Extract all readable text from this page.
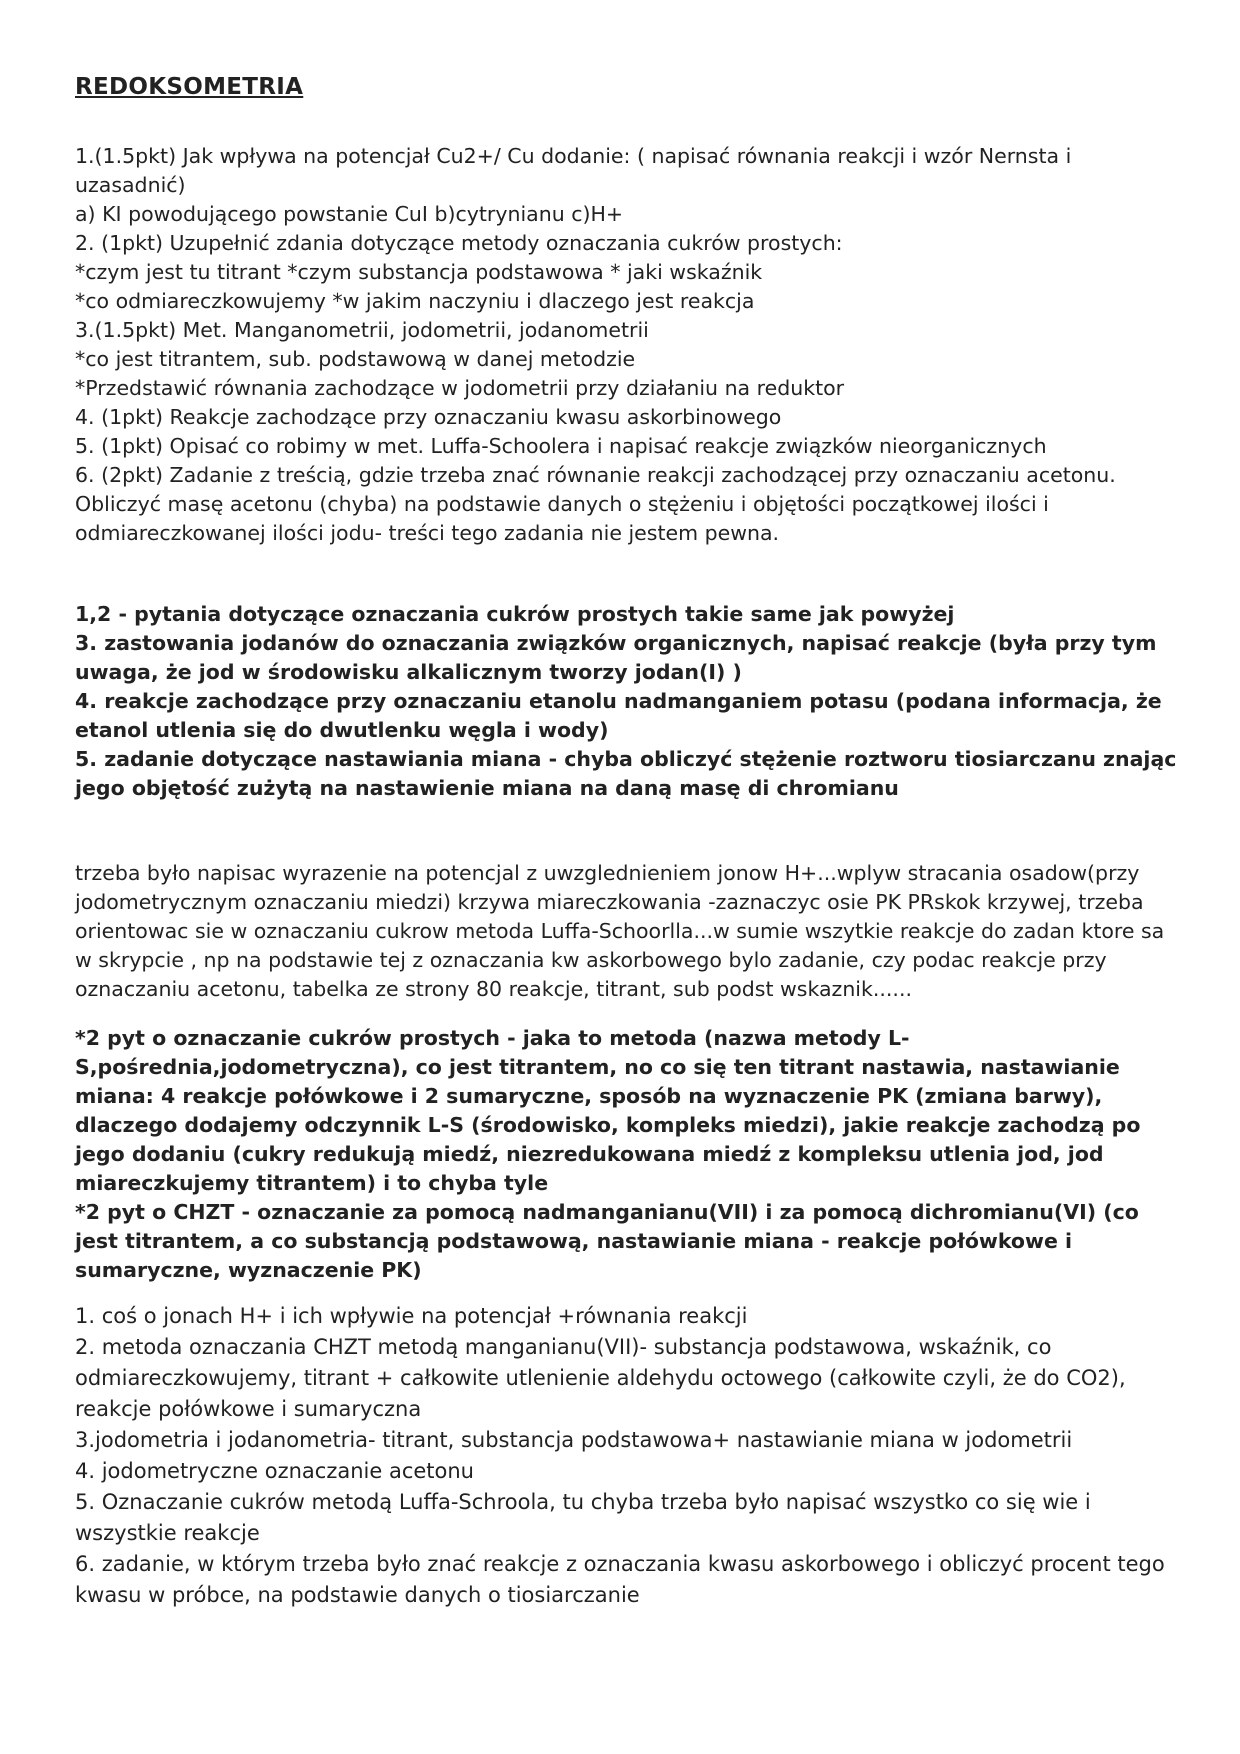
REDOKSOMETRIA

1.(1.5pkt) Jak wpływa na potencjał Cu2+/ Cu dodanie: ( napisać równania reakcji i wzór Nernsta i uzasadnić)

a) KI powodującego powstanie CuI b)cytrynianu c)H+

2. (1pkt) Uzupełnić zdania dotyczące metody oznaczania cukrów prostych:

*czym jest tu titrant *czym substancja podstawowa * jaki wskaźnik

*co odmiareczkowujemy *w jakim naczyniu i dlaczego jest reakcja

3.(1.5pkt) Met. Manganometrii, jodometrii, jodanometrii

*co jest titrantem, sub. podstawową w danej metodzie

*Przedstawić równania zachodzące w jodometrii przy działaniu na reduktor

4. (1pkt) Reakcje zachodzące przy oznaczaniu kwasu askorbinowego

5. (1pkt) Opisać co robimy w met. Luffa-Schoolera i napisać reakcje związków nieorganicznych

6. (2pkt) Zadanie z treścią, gdzie trzeba znać równanie reakcji zachodzącej przy oznaczaniu acetonu. Obliczyć masę acetonu (chyba) na podstawie danych o stężeniu i objętości początkowej ilości i odmiareczkowanej ilości jodu- treści tego zadania nie jestem pewna.

1,2 - pytania dotyczące oznaczania cukrów prostych takie same jak powyżej

3. zastowania jodanów do oznaczania związków organicznych, napisać reakcje (była przy tym uwaga, że jod w środowisku alkalicznym tworzy jodan(I) )

4. reakcje zachodzące przy oznaczaniu etanolu nadmanganiem potasu (podana informacja, że etanol utlenia się do dwutlenku węgla i wody)

5. zadanie dotyczące nastawiania miana - chyba obliczyć stężenie roztworu tiosiarczanu znając jego objętość zużytą na nastawienie miana na daną masę di chromianu

trzeba było napisac wyrazenie na potencjal z uwzglednieniem jonow H+...wplyw stracania osadow(przy jodometrycznym oznaczaniu miedzi) krzywa miareczkowania -zaznaczyc osie PK PRskok krzywej, trzeba orientowac sie w oznaczaniu cukrow metoda Luffa-Schoorlla...w sumie wszytkie reakcje do zadan ktore sa w skrypcie , np na podstawie tej z oznaczania kw askorbowego bylo zadanie, czy podac reakcje przy oznaczaniu acetonu, tabelka ze strony 80 reakcje, titrant, sub podst wskaznik......

*2 pyt o oznaczanie cukrów prostych - jaka to metoda (nazwa metody L-S,pośrednia,jodometryczna), co jest titrantem, no co się ten titrant nastawia, nastawianie miana: 4 reakcje połówkowe i 2 sumaryczne, sposób na wyznaczenie PK (zmiana barwy), dlaczego dodajemy odczynnik L-S (środowisko, kompleks miedzi), jakie reakcje zachodzą po jego dodaniu (cukry redukują miedź, niezredukowana miedź z kompleksu utlenia jod, jod miareczkujemy titrantem) i to chyba tyle

*2 pyt o CHZT - oznaczanie za pomocą nadmanganianu(VII) i za pomocą dichromianu(VI) (co jest titrantem, a co substancją podstawową, nastawianie miana - reakcje połówkowe i sumaryczne, wyznaczenie PK)

1. coś o jonach H+ i ich wpływie na potencjał +równania reakcji

2. metoda oznaczania CHZT metodą manganianu(VII)- substancja podstawowa, wskaźnik, co odmiareczkowujemy, titrant + całkowite utlenienie aldehydu octowego (całkowite czyli, że do CO2), reakcje połówkowe i sumaryczna

3.jodometria i jodanometria- titrant, substancja podstawowa+ nastawianie miana w jodometrii

4. jodometryczne oznaczanie acetonu

5. Oznaczanie cukrów metodą Luffa-Schroola, tu chyba trzeba było napisać wszystko co się wie i wszystkie reakcje

6. zadanie, w którym trzeba było znać reakcje z oznaczania kwasu askorbowego i obliczyć procent tego kwasu w próbce, na podstawie danych o tiosiarczanie
